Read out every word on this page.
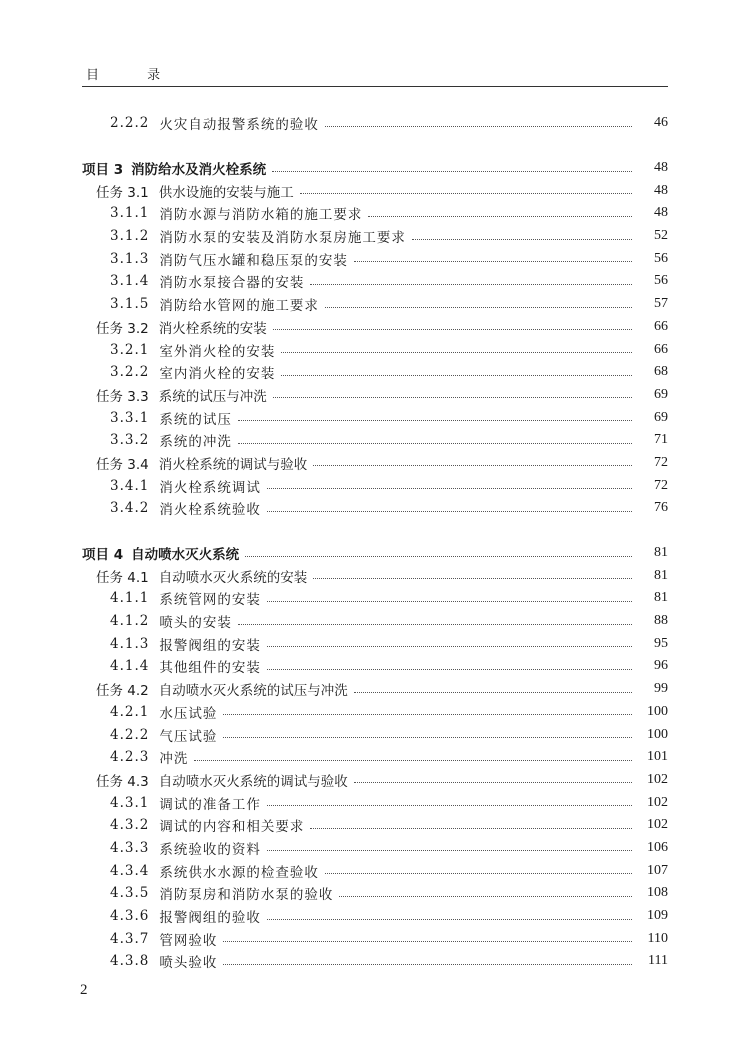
目 录
2.2.2 火灾自动报警系统的验收	46
项目 3 消防给水及消火栓系统	48
任务 3.1 供水设施的安装与施工	48
3.1.1 消防水源与消防水箱的施工要求	48
3.1.2 消防水泵的安装及消防水泵房施工要求	52
3.1.3 消防气压水罐和稳压泵的安装	56
3.1.4 消防水泵接合器的安装	56
3.1.5 消防给水管网的施工要求	57
任务 3.2 消火栓系统的安装	66
3.2.1 室外消火栓的安装	66
3.2.2 室内消火栓的安装	68
任务 3.3 系统的试压与冲洗	69
3.3.1 系统的试压	69
3.3.2 系统的冲洗	71
任务 3.4 消火栓系统的调试与验收	72
3.4.1 消火栓系统调试	72
3.4.2 消火栓系统验收	76
项目 4 自动喷水灭火系统	81
任务 4.1 自动喷水灭火系统的安装	81
4.1.1 系统管网的安装	81
4.1.2 喷头的安装	88
4.1.3 报警阀组的安装	95
4.1.4 其他组件的安装	96
任务 4.2 自动喷水灭火系统的试压与冲洗	99
4.2.1 水压试验	100
4.2.2 气压试验	100
4.2.3 冲洗	101
任务 4.3 自动喷水灭火系统的调试与验收	102
4.3.1 调试的准备工作	102
4.3.2 调试的内容和相关要求	102
4.3.3 系统验收的资料	106
4.3.4 系统供水水源的检查验收	107
4.3.5 消防泵房和消防水泵的验收	108
4.3.6 报警阀组的验收	109
4.3.7 管网验收	110
4.3.8 喷头验收	111
2
